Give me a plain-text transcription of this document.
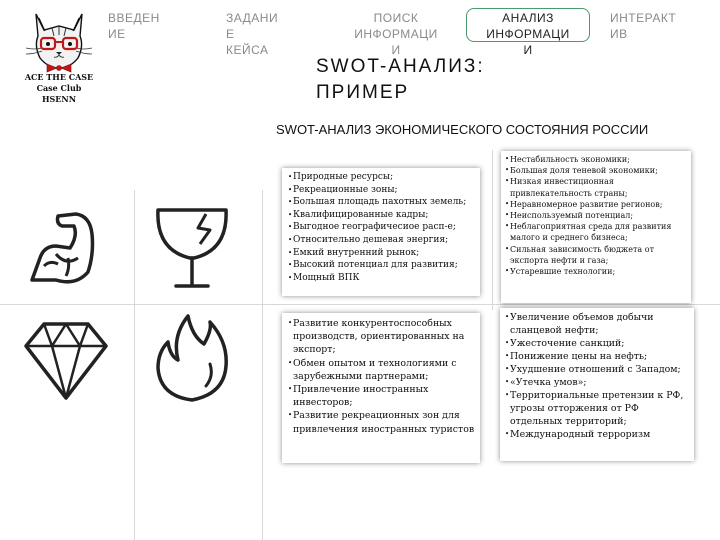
ACE THE CASE
Case Club
HSENN
ВВЕДЕН
ИЕ
ЗАДАНИ
Е
КЕЙСА
ПОИСК
ИНФОРМАЦИ
И
АНАЛИЗ
ИНФОРМАЦИ
И
ИНТЕРАКТ
ИВ
SWOT-АНАЛИЗ:
ПРИМЕР
SWOT-АНАЛИЗ ЭКОНОМИЧЕСКОГО СОСТОЯНИЯ РОССИИ
• Природные ресурсы;
• Рекреационные зоны;
• Большая площадь пахотных земель;
• Квалифицированные кадры;
• Выгодное географичесиое расп-е;
• Относительно дешевая энергия;
• Емкий внутренний рынок;
• Высокий потенциал для развития;
• Мощный ВПК
• Нестабильность экономики;
• Большая доля теневой экономики;
• Низкая инвестиционная привлекательность страны;
• Неравномерное развитие регионов;
• Неиспользуемый потенциал;
• Неблагоприятная среда для развития малого и среднего бизнеса;
• Сильная зависимость бюджета от экспорта нефти и газа;
• Устаревшие технологии;
• Развитие конкурентоспособных производств, ориентированных на экспорт;
• Обмен опытом и технологиями с зарубежными партнерами;
• Привлечение иностранных инвесторов;
• Развитие рекреационных зон для привлечения иностранных туристов
• Увеличение объемов добычи сланцевой нефти;
• Ужесточение санкций;
• Понижение цены на нефть;
• Ухудшение отношений с Западом;
• «Утечка умов»;
• Территориальные претензии к РФ, угрозы отторжения от РФ отдельных территорий;
• Международный терроризм
